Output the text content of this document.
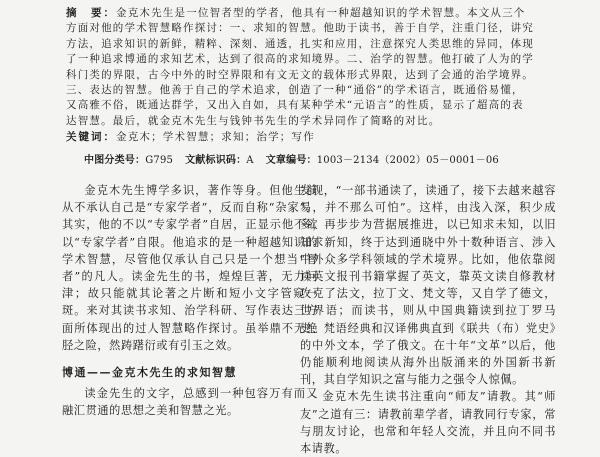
摘　要：金克木先生是一位智者型的学者，他具有一种超越知识的学术智慧。本文从三个方面对他的学术智慧略作探讨：一、求知的智慧。他助于读书，善于自学，注重门径，讲究方法，追求知识的新鲜，精粹、深刻、通透，扎实和应用，注意探究人类思维的异同，体现了一种追求博通的求知艺术，达到了很高的求知境界。二、治学的智慧。他打破了人为的学科门类的界限，古今中外的时空界限和有文无文的载体形式界限，达到了会通的治学境界。三、表达的智慧。他善于自己的学术追求，创造了一种“通俗”的学术语言，既通俗易懂，又高雅不俗，既通达群学，又出入自如，具有某种学术“元语言”的性质，显示了超高的表达智慧。最后，就金克木先生与钱钟书先生的学术异同作了简略的对比。
关键词：金克木；学术智慧；求知；治学；写作
中图分类号：G795 文献标识码：A 文章编号：1003－2134（2002）05－0001－06

金克木先生博学多识，著作等身。但他生前从不承认自己是“专家学者”，反而自称“杂家”。其实，他的不以“专家学者”自居，正显示他不欲以“专家学者”自限。他追求的是一种超越知识的学术智慧，尽管他仅承认自己只是一个想当“智者”的凡人。读金先生的书，煌煌巨著，无力问津；故只能就其论著之片断和短小文字管窥一斑。来对其读书求知、治学科研、写作表达三方面所体现出的过人智慧略作探讨。虽举鼎不无绝胫之险，然踌躇衍或有引玉之效。

博通——金克木先生的求知智慧

读金先生的文字，总感到一种包容万有而又融汇贯通的思想之美和智慧之光。

发现，“一部书通读了，读通了，接下去越来越容易，并不那么可怕”。这样，由浅入深，积少成多，再步步为营据展推进，以已知求未知，以旧知求新知，终于达到通晓中外十数种语言、涉入中外众多学科领域的学术境界。比如，他依靠阅读英文报刊书籍掌握了英文，靠英文读自修教材攻克了法文，拉丁文、梵文等，又自学了德文，世界语；而读书，则从中国典籍读到拉丁罗马史、梵语经典和汉译佛典直到《联共（布）党史》的中外文本，学了俄文。在十年“文革”以后，他仍能顺利地阅读从海外出版涌来的外国新书新刊，其自学知识之富与能力之强令人惊佩。

金克木先生读书注重向“师友”请教。其“师友”之道有三：请教前辈学者，请教同行专家，常与朋友讨论，也常和年轻人交流，并且向不同书本请教。
